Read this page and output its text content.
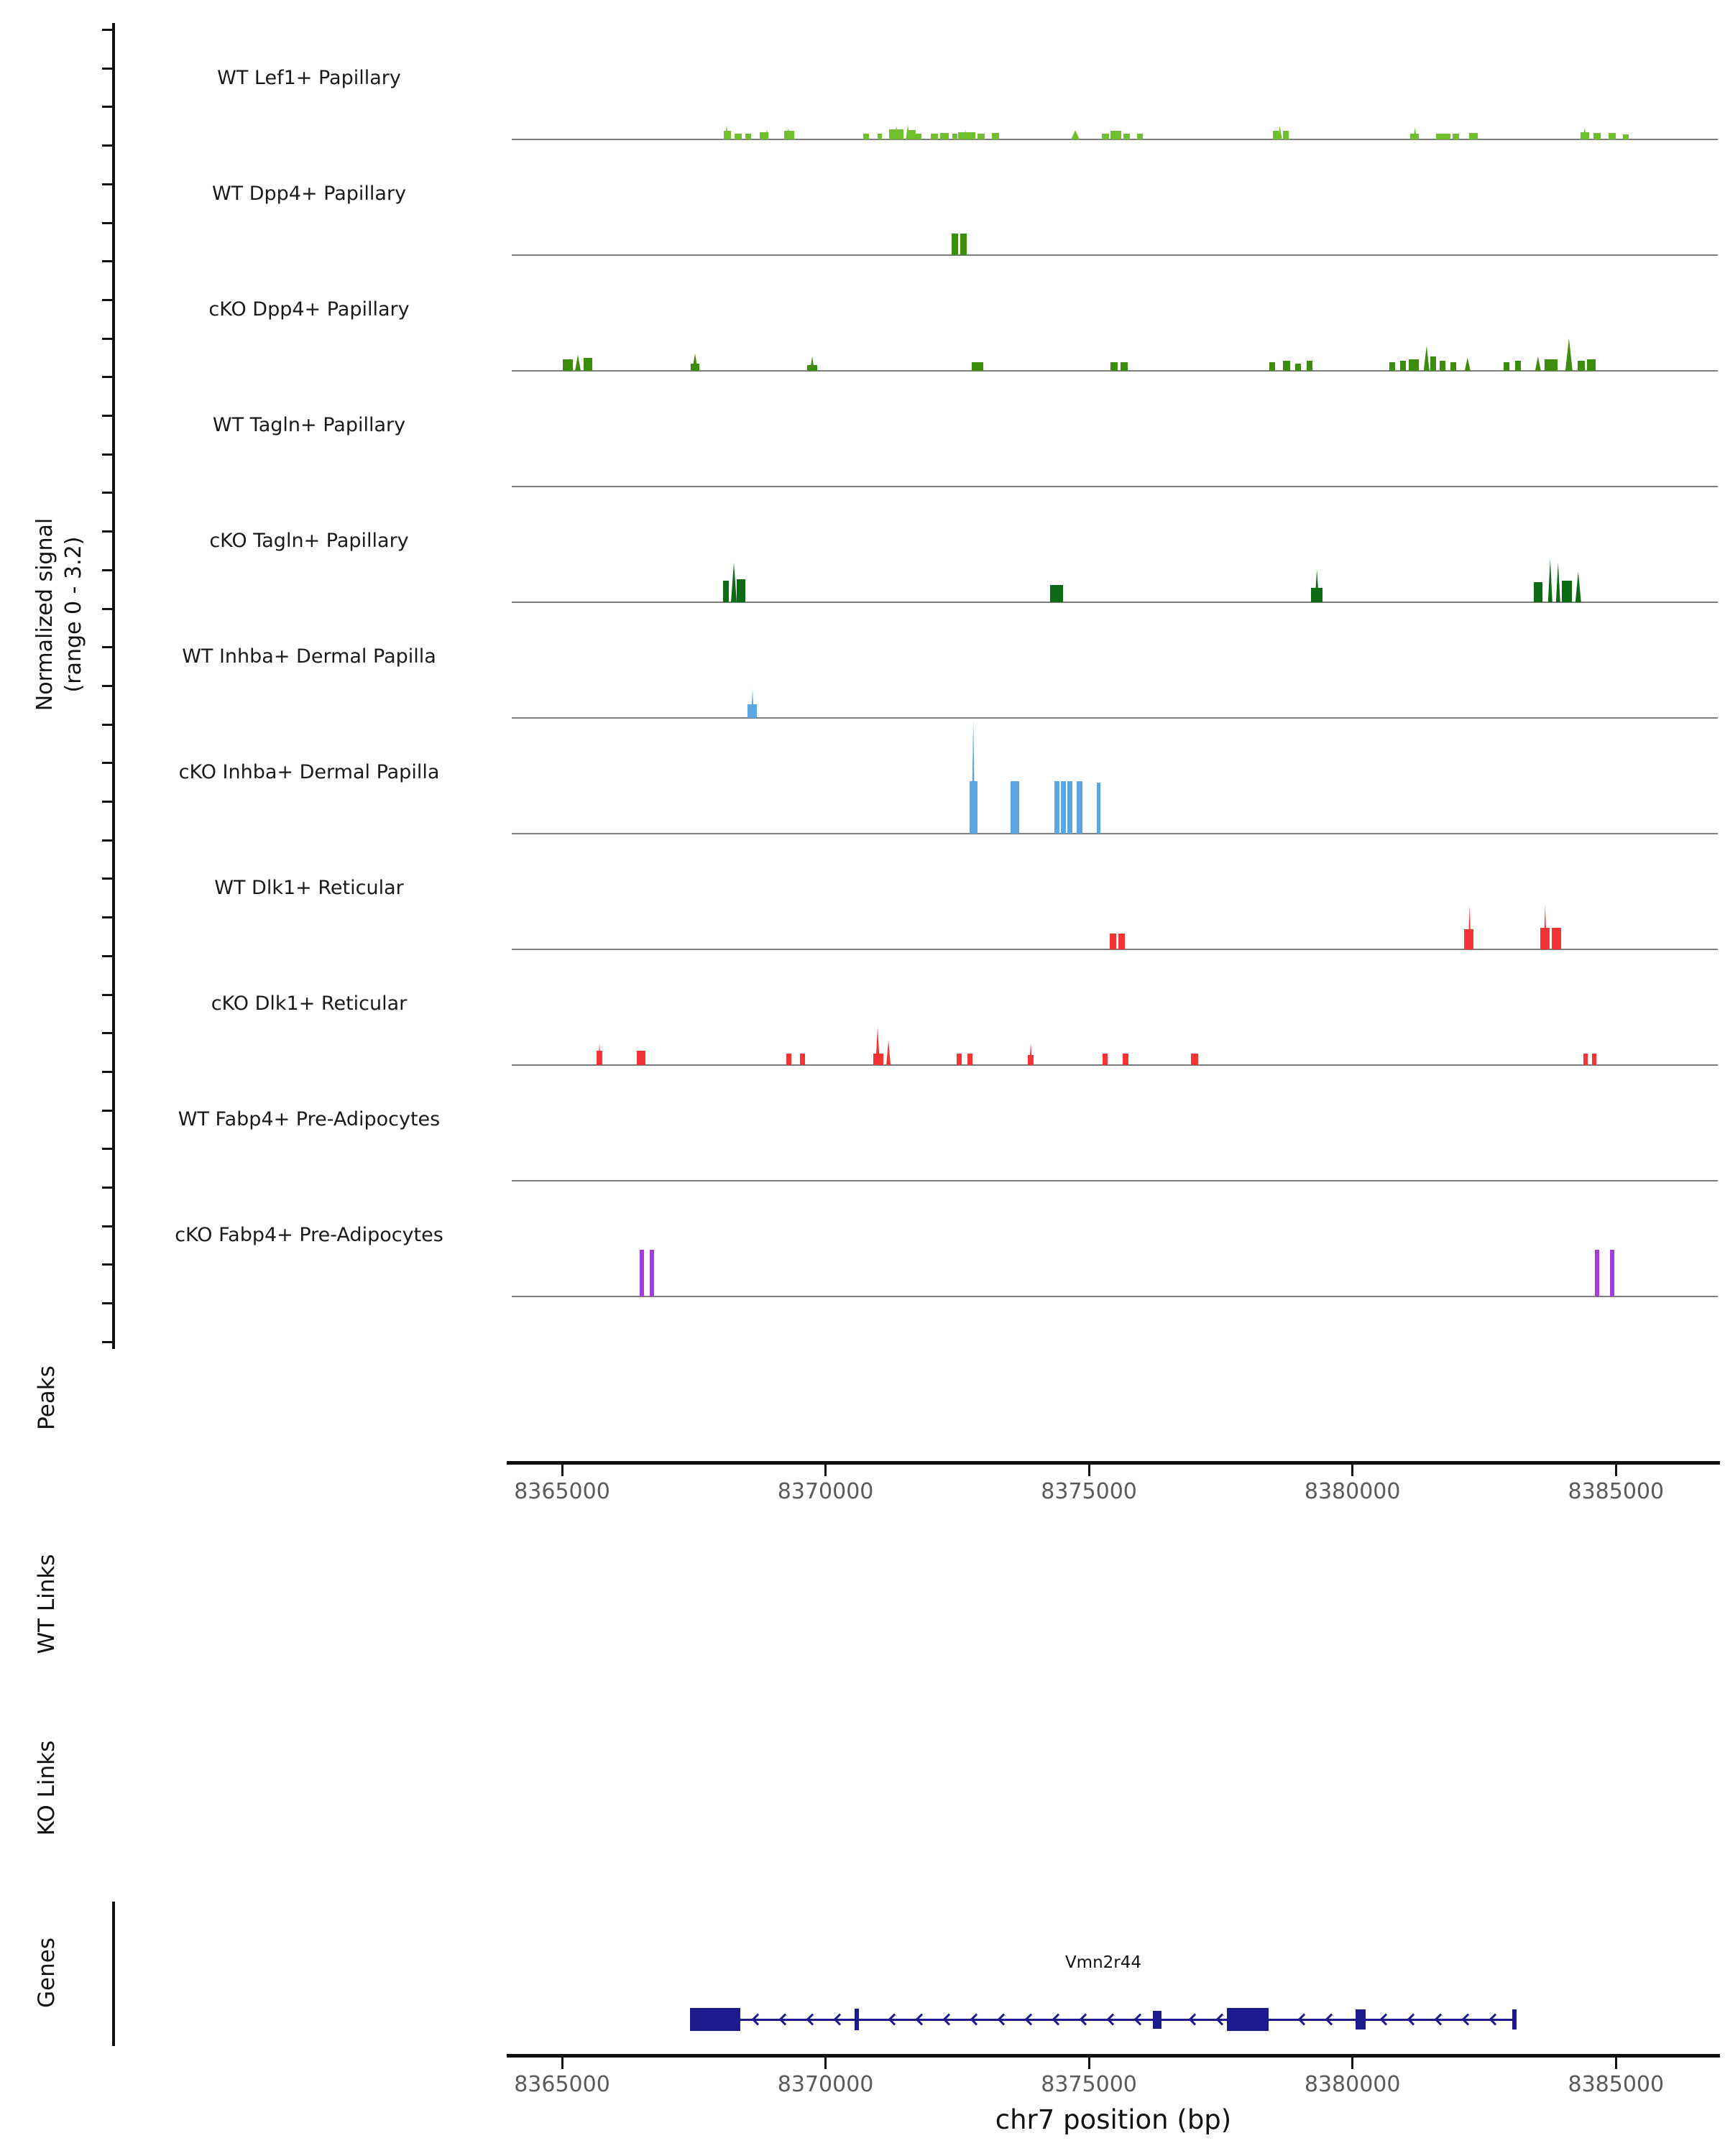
Normalized signal (range 0 - 3.2)
WT Lef1+ Papillary
WT Dpp4+ Papillary
cKO Dpp4+ Papillary
WT Tagln+ Papillary
cKO Tagln+ Papillary
WT Inhba+ Dermal Papilla
cKO Inhba+ Dermal Papilla
WT Dlk1+ Reticular
cKO Dlk1+ Reticular
WT Fabp4+ Pre-Adipocytes
cKO Fabp4+ Pre-Adipocytes
Peaks
WT Links
KO Links
Genes
8365000	8370000	8375000	8380000	8385000
Vmn2r44
8365000	8370000	8375000	8380000	8385000
chr7 position (bp)
